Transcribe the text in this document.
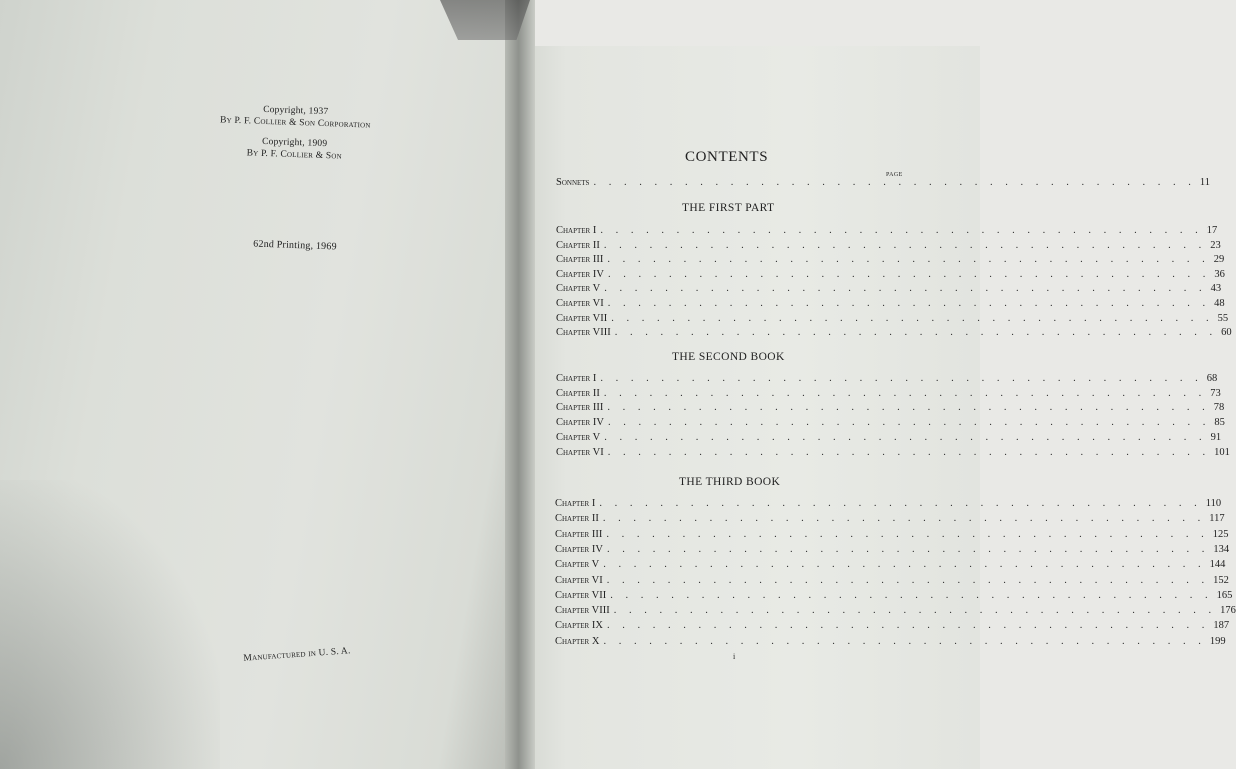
Copyright, 1937
By P. F. Collier & Son Corporation
Copyright, 1909
By P. F. Collier & Son
62nd Printing, 1969
Manufactured in U. S. A.
CONTENTS
PAGE
Sonnets . . . . . . . . . . . . . . . . . . . . . . . . . . . . . . . . . . . . . . . . 11
THE FIRST PART
Chapter I . . . . . . . . . . . . . . . . . . . . . . . . . . . . . . . . . . . . . . . . 17
Chapter II . . . . . . . . . . . . . . . . . . . . . . . . . . . . . . . . . . . . . . . . 23
Chapter III . . . . . . . . . . . . . . . . . . . . . . . . . . . . . . . . . . . . . . . . 29
Chapter IV . . . . . . . . . . . . . . . . . . . . . . . . . . . . . . . . . . . . . . . . 36
Chapter V . . . . . . . . . . . . . . . . . . . . . . . . . . . . . . . . . . . . . . . . 43
Chapter VI . . . . . . . . . . . . . . . . . . . . . . . . . . . . . . . . . . . . . . . . 48
Chapter VII . . . . . . . . . . . . . . . . . . . . . . . . . . . . . . . . . . . . . . . . 55
Chapter VIII . . . . . . . . . . . . . . . . . . . . . . . . . . . . . . . . . . . . . . . . 60
THE SECOND BOOK
Chapter I . . . . . . . . . . . . . . . . . . . . . . . . . . . . . . . . . . . . . . . . 68
Chapter II . . . . . . . . . . . . . . . . . . . . . . . . . . . . . . . . . . . . . . . . 73
Chapter III . . . . . . . . . . . . . . . . . . . . . . . . . . . . . . . . . . . . . . . . 78
Chapter IV . . . . . . . . . . . . . . . . . . . . . . . . . . . . . . . . . . . . . . . . 85
Chapter V . . . . . . . . . . . . . . . . . . . . . . . . . . . . . . . . . . . . . . . . 91
Chapter VI . . . . . . . . . . . . . . . . . . . . . . . . . . . . . . . . . . . . . . . . 101
THE THIRD BOOK
Chapter I . . . . . . . . . . . . . . . . . . . . . . . . . . . . . . . . . . . . . . . . 110
Chapter II . . . . . . . . . . . . . . . . . . . . . . . . . . . . . . . . . . . . . . . . 117
Chapter III . . . . . . . . . . . . . . . . . . . . . . . . . . . . . . . . . . . . . . . . 125
Chapter IV . . . . . . . . . . . . . . . . . . . . . . . . . . . . . . . . . . . . . . . . 134
Chapter V . . . . . . . . . . . . . . . . . . . . . . . . . . . . . . . . . . . . . . . . 144
Chapter VI . . . . . . . . . . . . . . . . . . . . . . . . . . . . . . . . . . . . . . . . 152
Chapter VII . . . . . . . . . . . . . . . . . . . . . . . . . . . . . . . . . . . . . . . . 165
Chapter VIII . . . . . . . . . . . . . . . . . . . . . . . . . . . . . . . . . . . . . . . . 176
Chapter IX . . . . . . . . . . . . . . . . . . . . . . . . . . . . . . . . . . . . . . . . 187
Chapter X . . . . . . . . . . . . . . . . . . . . . . . . . . . . . . . . . . . . . . . . 199
i
